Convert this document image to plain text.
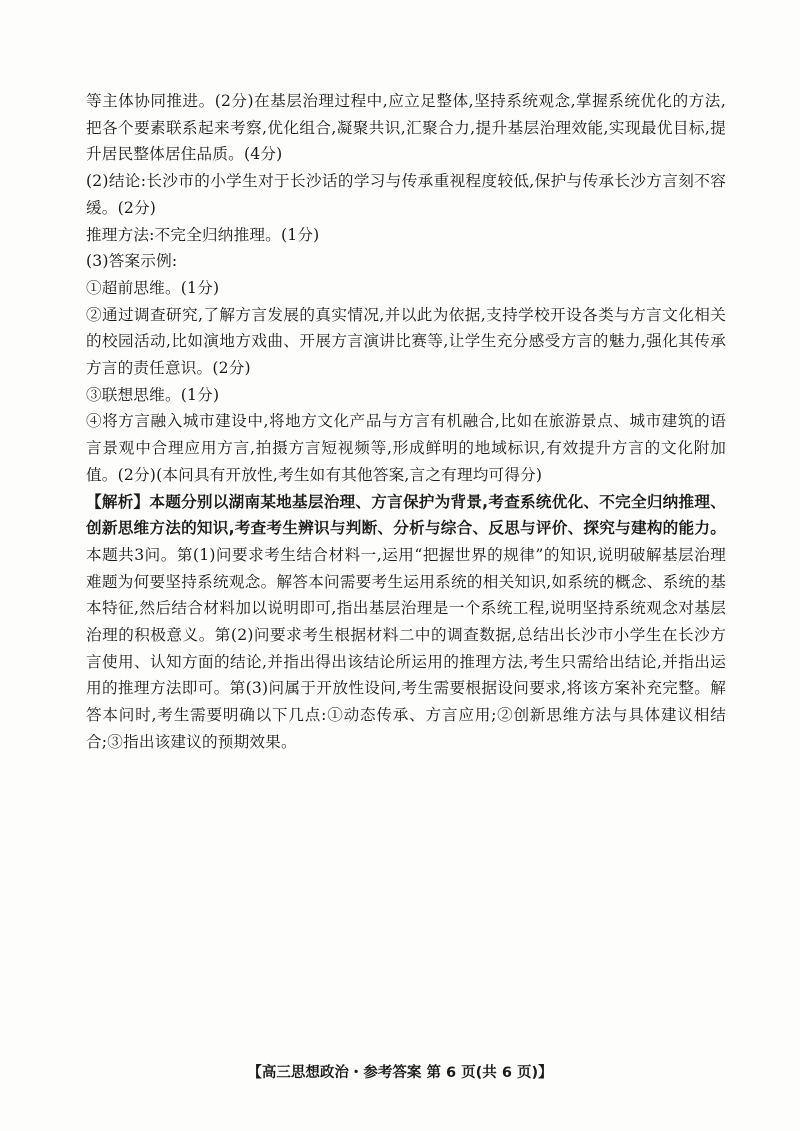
等主体协同推进。(2分)在基层治理过程中,应立足整体,坚持系统观念,掌握系统优化的方法,把各个要素联系起来考察,优化组合,凝聚共识,汇聚合力,提升基层治理效能,实现最优目标,提升居民整体居住品质。(4分)

(2)结论:长沙市的小学生对于长沙话的学习与传承重视程度较低,保护与传承长沙方言刻不容缓。(2分)

推理方法:不完全归纳推理。(1分)

(3)答案示例:

①超前思维。(1分)

②通过调查研究,了解方言发展的真实情况,并以此为依据,支持学校开设各类与方言文化相关的校园活动,比如演地方戏曲、开展方言演讲比赛等,让学生充分感受方言的魅力,强化其传承方言的责任意识。(2分)

③联想思维。(1分)

④将方言融入城市建设中,将地方文化产品与方言有机融合,比如在旅游景点、城市建筑的语言景观中合理应用方言,拍摄方言短视频等,形成鲜明的地域标识,有效提升方言的文化附加值。(2分)(本问具有开放性,考生如有其他答案,言之有理均可得分)

【解析】本题分别以湖南某地基层治理、方言保护为背景,考查系统优化、不完全归纳推理、创新思维方法的知识,考查考生辨识与判断、分析与综合、反思与评价、探究与建构的能力。本题共3问。第(1)问要求考生结合材料一,运用“把握世界的规律”的知识,说明破解基层治理难题为何要坚持系统观念。解答本问需要考生运用系统的相关知识,如系统的概念、系统的基本特征,然后结合材料加以说明即可,指出基层治理是一个系统工程,说明坚持系统观念对基层治理的积极意义。第(2)问要求考生根据材料二中的调查数据,总结出长沙市小学生在长沙方言使用、认知方面的结论,并指出得出该结论所运用的推理方法,考生只需给出结论,并指出运用的推理方法即可。第(3)问属于开放性设问,考生需要根据设问要求,将该方案补充完整。解答本问时,考生需要明确以下几点:①动态传承、方言应用;②创新思维方法与具体建议相结合;③指出该建议的预期效果。

【高三思想政治・参考答案 第 6 页(共 6 页)】
